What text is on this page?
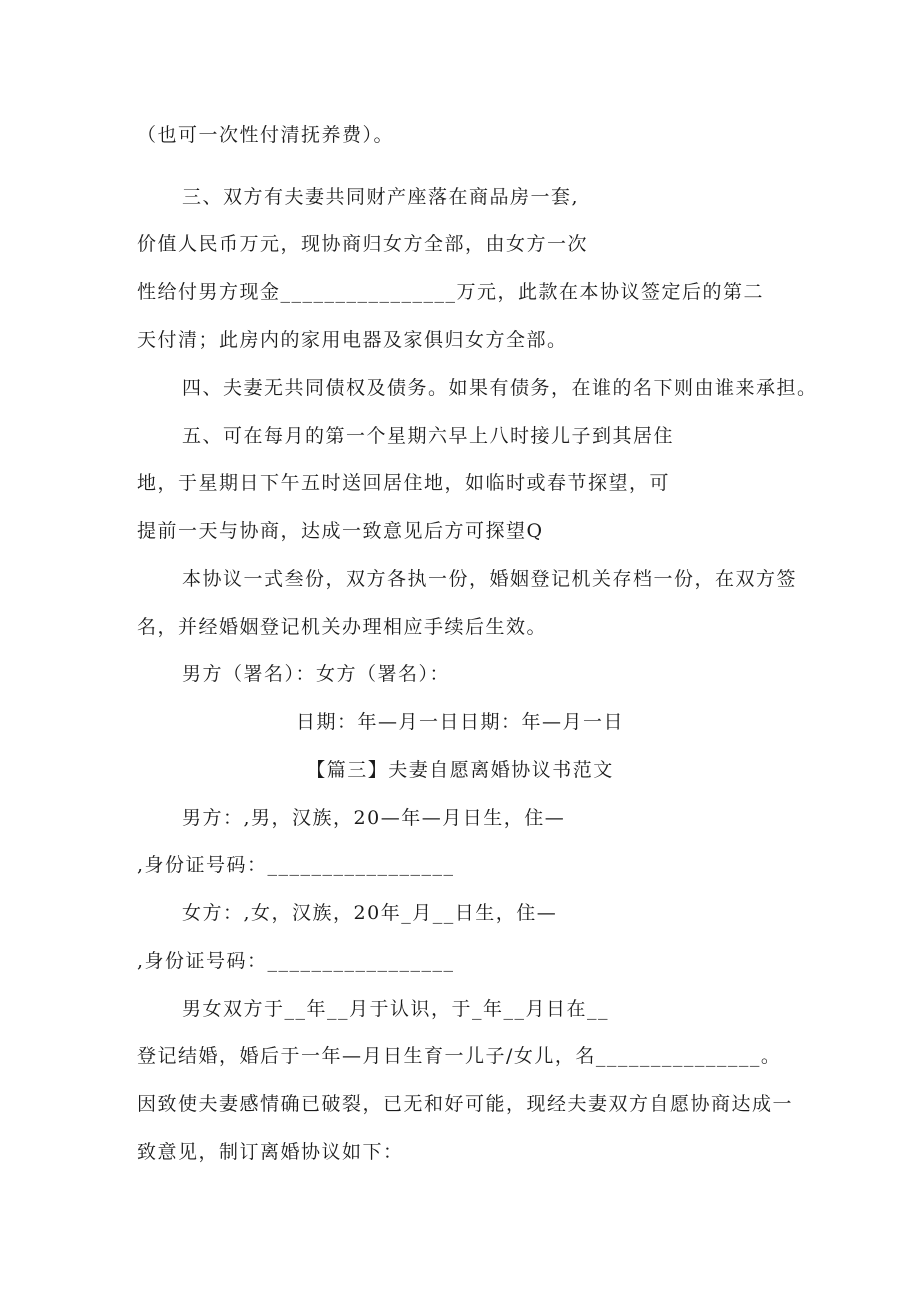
（也可一次性付清抚养费）。
三、双方有夫妻共同财产座落在商品房一套,
价值人民币万元，现协商归女方全部，由女方一次
性给付男方现金________________万元，此款在本协议签定后的第二
天付清；此房内的家用电器及家俱归女方全部。
四、夫妻无共同债权及债务。如果有债务，在谁的名下则由谁来承担。
五、可在每月的第一个星期六早上八时接儿子到其居住
地，于星期日下午五时送回居住地，如临时或春节探望，可
提前一天与协商，达成一致意见后方可探望Q
本协议一式叁份，双方各执一份，婚姻登记机关存档一份，在双方签
名，并经婚姻登记机关办理相应手续后生效。
男方（署名）：女方（署名）：
日期：年—月一日日期：年—月一日
【篇三】夫妻自愿离婚协议书范文
男方：,男，汉族，20—年—月日生，住—
,身份证号码：_________________
女方：,女，汉族，20年_月__日生，住—
,身份证号码：_________________
男女双方于__年__月于认识，于_年__月日在__
登记结婚，婚后于一年—月日生育一儿子/女儿，名_______________。
因致使夫妻感情确已破裂，已无和好可能，现经夫妻双方自愿协商达成一
致意见，制订离婚协议如下：
